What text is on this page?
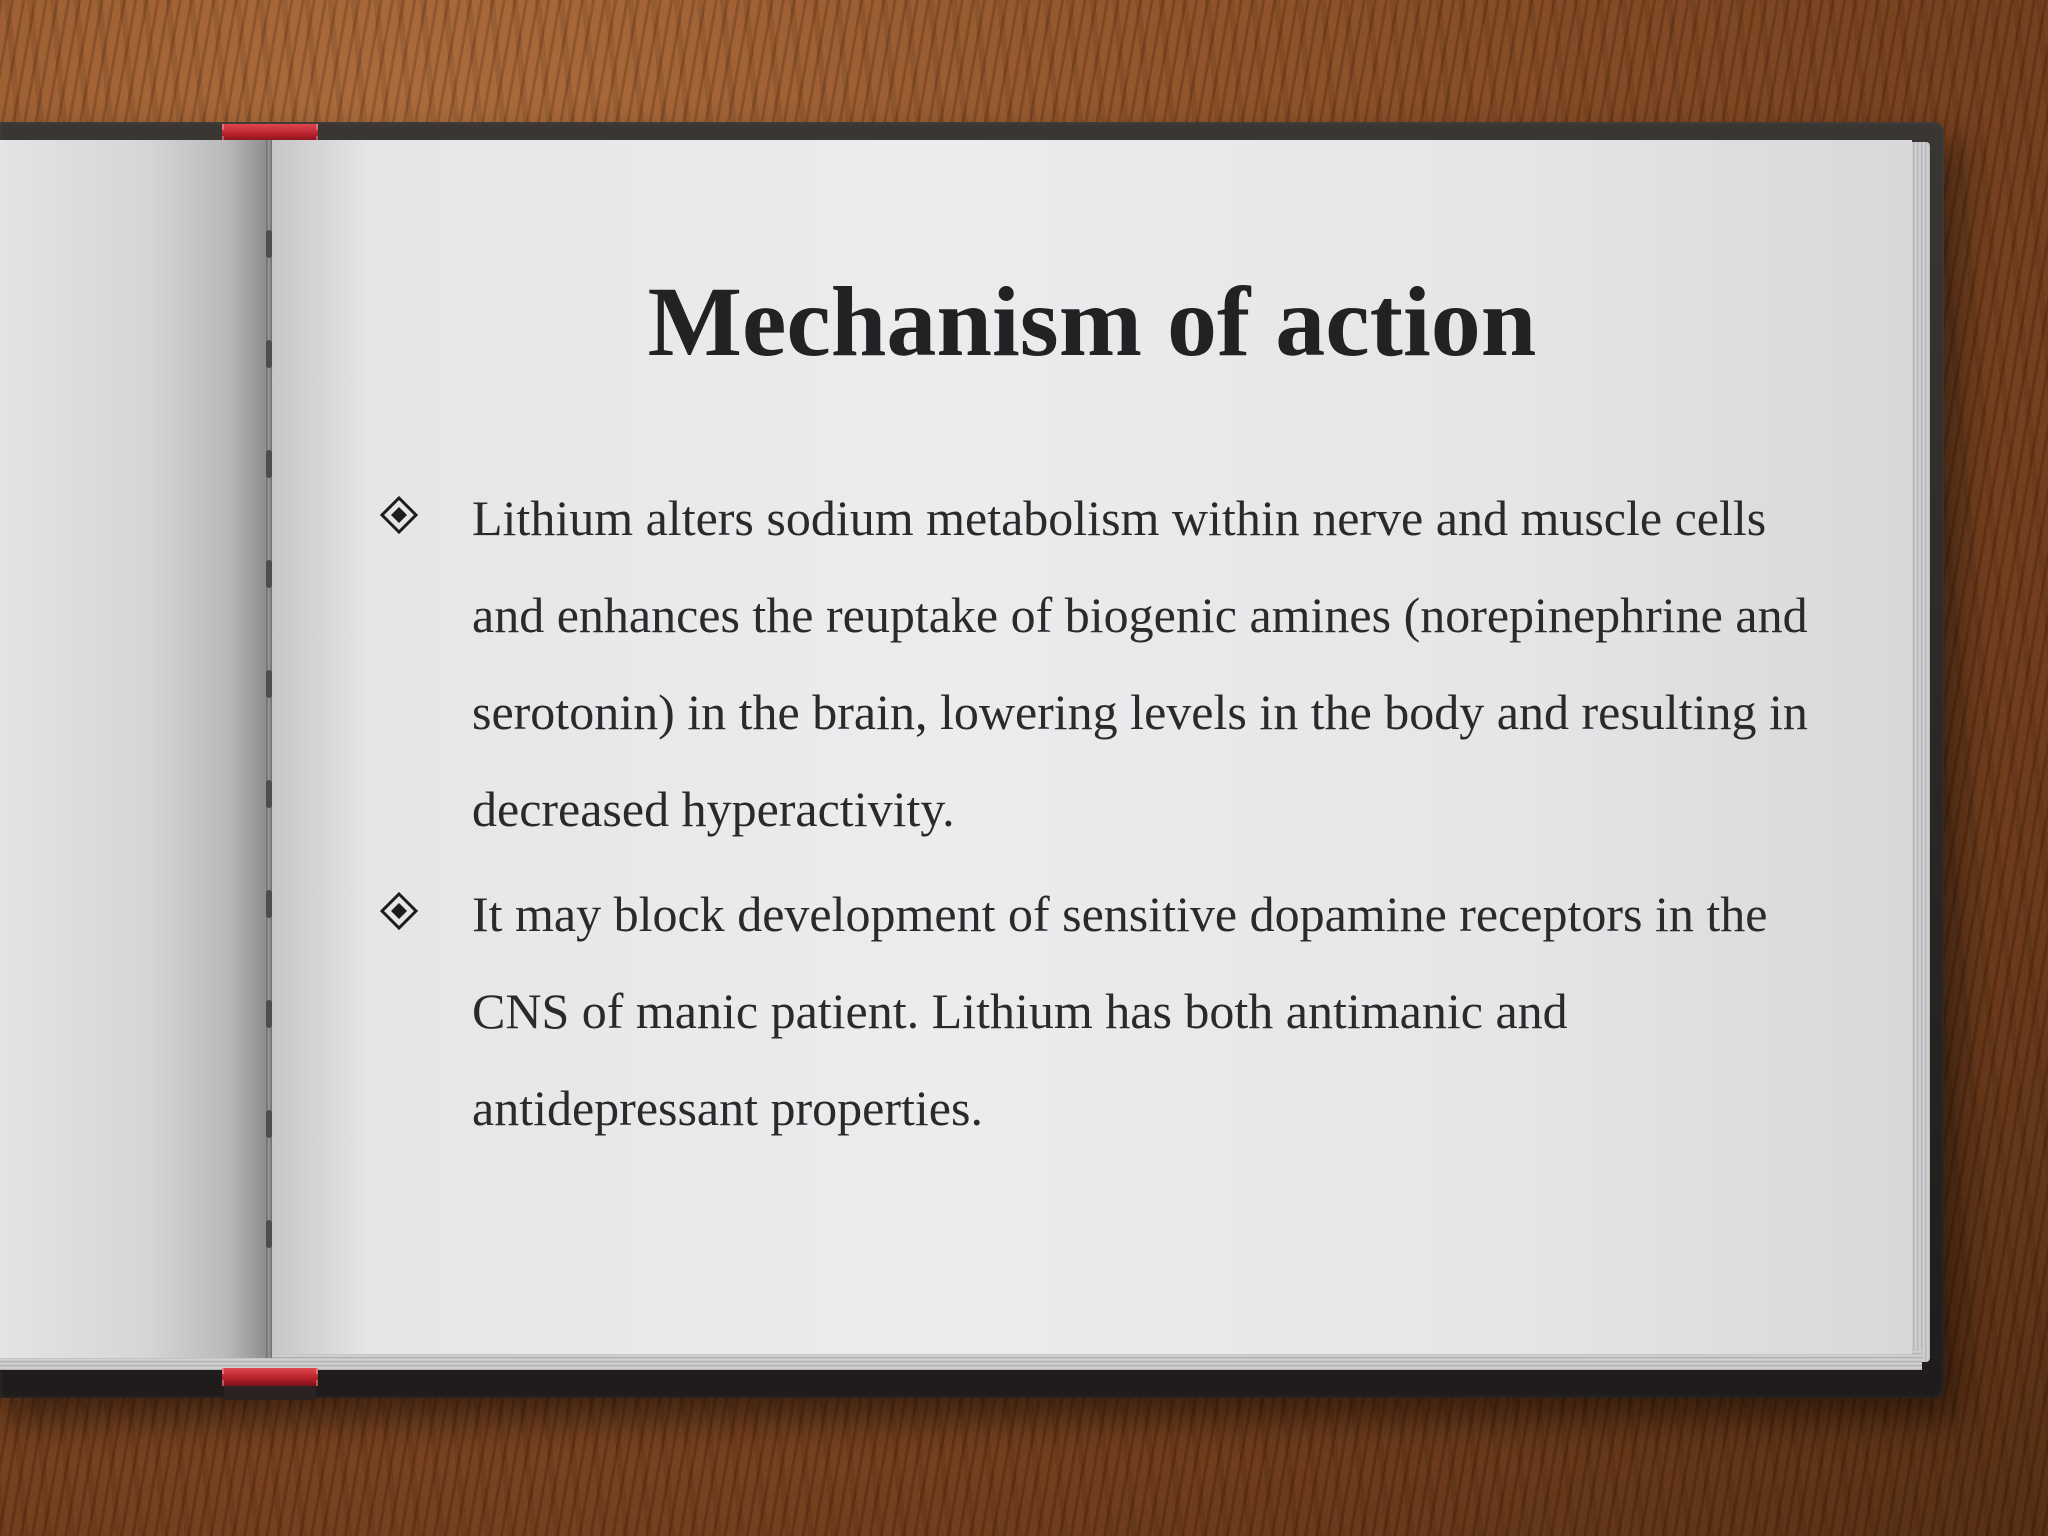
Mechanism of action
Lithium alters sodium metabolism within nerve and muscle cells and enhances the reuptake of biogenic amines (norepinephrine and serotonin) in the brain, lowering levels in the body and resulting in decreased hyperactivity.
It may block development of sensitive dopamine receptors in the CNS of manic patient. Lithium has both antimanic and antidepressant properties.
